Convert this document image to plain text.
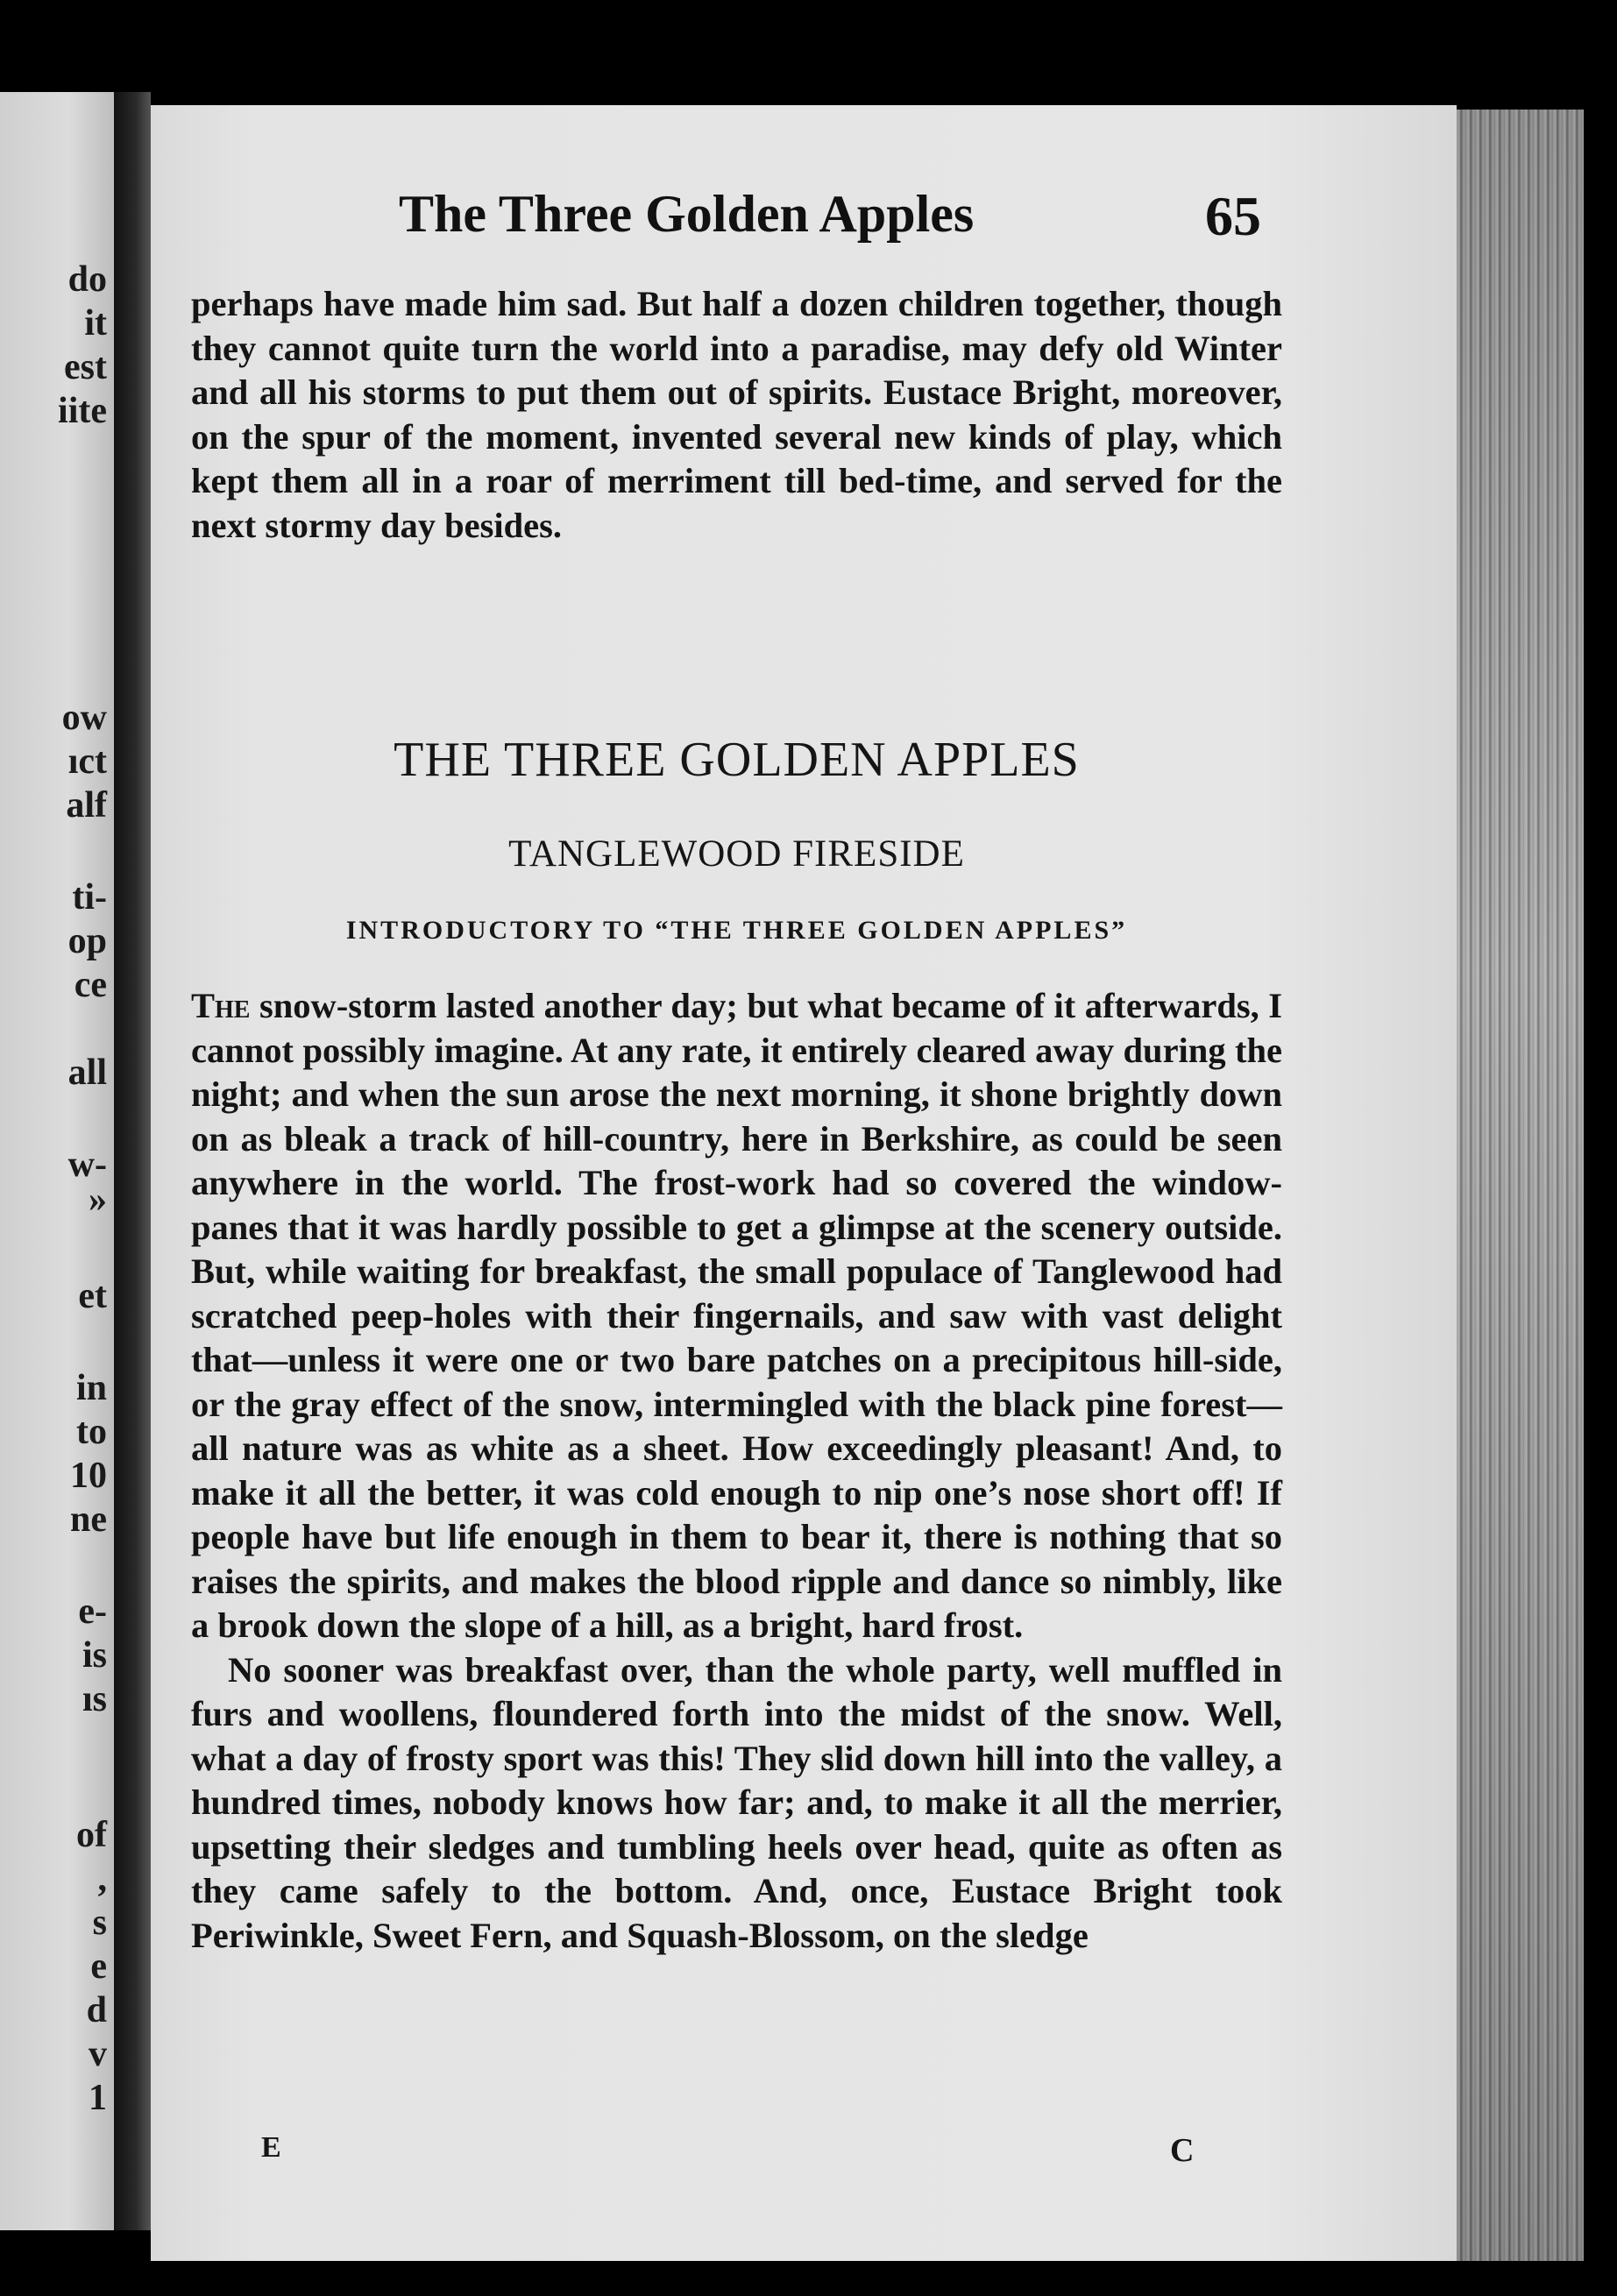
do
it
est
iite
ow
ıct
alf
ti-
op
ce
all
w-
»
et
in
to
10
ne
e-
is
ıs
of
,
s
e
d
v
1
The Three Golden Apples	65

perhaps have made him sad. But half a dozen children together, though they cannot quite turn the world into a paradise, may defy old Winter and all his storms to put them out of spirits. Eustace Bright, moreover, on the spur of the moment, invented several new kinds of play, which kept them all in a roar of merriment till bed-time, and served for the next stormy day besides.

THE THREE GOLDEN APPLES
TANGLEWOOD FIRESIDE
INTRODUCTORY TO “THE THREE GOLDEN APPLES”

The snow-storm lasted another day; but what became of it afterwards, I cannot possibly imagine. At any rate, it entirely cleared away during the night; and when the sun arose the next morning, it shone brightly down on as bleak a track of hill-country, here in Berkshire, as could be seen anywhere in the world. The frost-work had so covered the window-panes that it was hardly possible to get a glimpse at the scenery outside. But, while waiting for breakfast, the small populace of Tanglewood had scratched peep-holes with their fingernails, and saw with vast delight that—unless it were one or two bare patches on a precipitous hill-side, or the gray effect of the snow, intermingled with the black pine forest—all nature was as white as a sheet. How exceedingly pleasant! And, to make it all the better, it was cold enough to nip one’s nose short off! If people have but life enough in them to bear it, there is nothing that so raises the spirits, and makes the blood ripple and dance so nimbly, like a brook down the slope of a hill, as a bright, hard frost.

No sooner was breakfast over, than the whole party, well muffled in furs and woollens, floundered forth into the midst of the snow. Well, what a day of frosty sport was this! They slid down hill into the valley, a hundred times, nobody knows how far; and, to make it all the merrier, upsetting their sledges and tumbling heels over head, quite as often as they came safely to the bottom. And, once, Eustace Bright took Periwinkle, Sweet Fern, and Squash-Blossom, on the sledge

E	C
